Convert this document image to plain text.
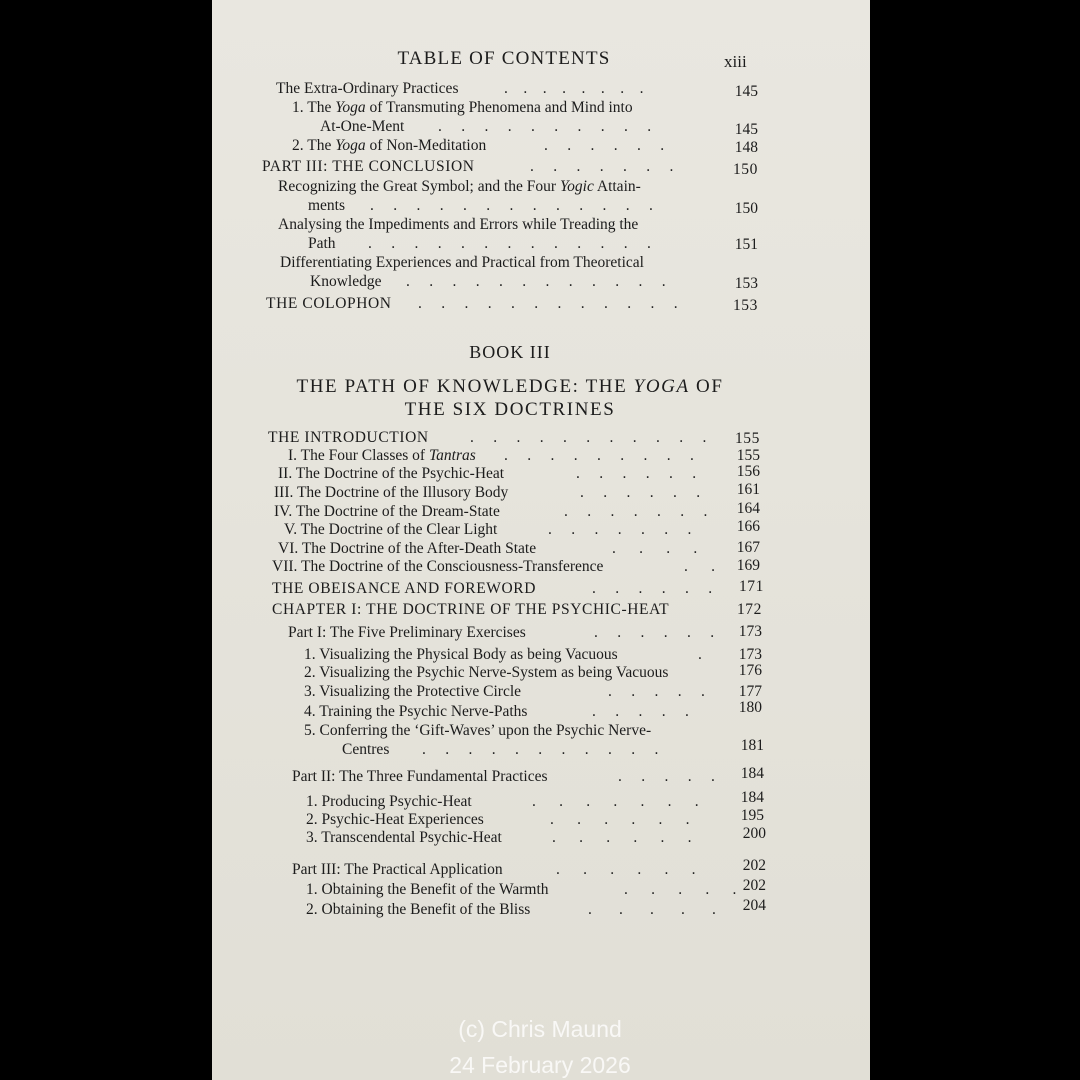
TABLE OF CONTENTS	xiii
The Extra-Ordinary Practices	.    .    .    .    .    .    .    .	145
1. The Yoga of Transmuting Phenomena and Mind into
At-One-Ment .     .     .     .     .     .     .     .     .     .	145
2. The Yoga of Non-Meditation	.     .     .     .     .     .	148
PART III: THE CONCLUSION	.     .     .     .     .     .     .	150
Recognizing the Great Symbol; and the Four Yogic Attain-
ments .     .     .     .     .     .     .     .     .     .     .     .     .	150
Analysing the Impediments and Errors while Treading the
Path .     .     .     .     .     .     .     .     .     .     .     .     .	151
Differentiating Experiences and Practical from Theoretical
Knowledge .     .     .     .     .     .     .     .     .     .     .     .	153
THE COLOPHON .     .     .     .     .     .     .     .     .     .     .     .	153
BOOK III
THE PATH OF KNOWLEDGE: THE YOGA OF
THE SIX DOCTRINES
THE INTRODUCTION	.     .     .     .     .     .     .     .     .     .     .	155
I. The Four Classes of Tantras .     .     .     .     .     .     .     .     .	155
II. The Doctrine of the Psychic-Heat	.     .     .     .     .     .	156
III. The Doctrine of the Illusory Body	.     .     .     .     .     .	161
IV. The Doctrine of the Dream-State	.     .     .     .     .     .     .	164
V. The Doctrine of the Clear Light	.     .     .     .     .     .     .	166
VI. The Doctrine of the After-Death State	.      .      .      .	167
VII. The Doctrine of the Consciousness-Transference	.      .	169
THE OBEISANCE AND FOREWORD	.     .     .     .     .     .	171
CHAPTER I: THE DOCTRINE OF THE PSYCHIC-HEAT	172
Part I: The Five Preliminary Exercises	.     .     .     .     .     .	173
1. Visualizing the Physical Body as being Vacuous	.	173
2. Visualizing the Psychic Nerve-System as being Vacuous	176
3. Visualizing the Protective Circle	.     .     .     .     .	177
4. Training the Psychic Nerve-Paths	.     .     .     .     .	180
5. Conferring the ‘Gift-Waves’ upon the Psychic Nerve-
Centres .     .     .     .     .     .     .     .     .     .     .	181
Part II: The Three Fundamental Practices	.     .     .     .     .	184
1. Producing Psychic-Heat	.      .      .      .      .      .      .	184
2. Psychic-Heat Experiences	.      .      .      .      .      .	195
3. Transcendental Psychic-Heat	.      .      .      .      .      .	200
Part III: The Practical Application	.      .      .      .      .      .	202
1. Obtaining the Benefit of the Warmth	.      .      .      .      . 202
2. Obtaining the Benefit of the Bliss	.       .       .       .       .	204
(c) Chris Maund
24 February 2026
